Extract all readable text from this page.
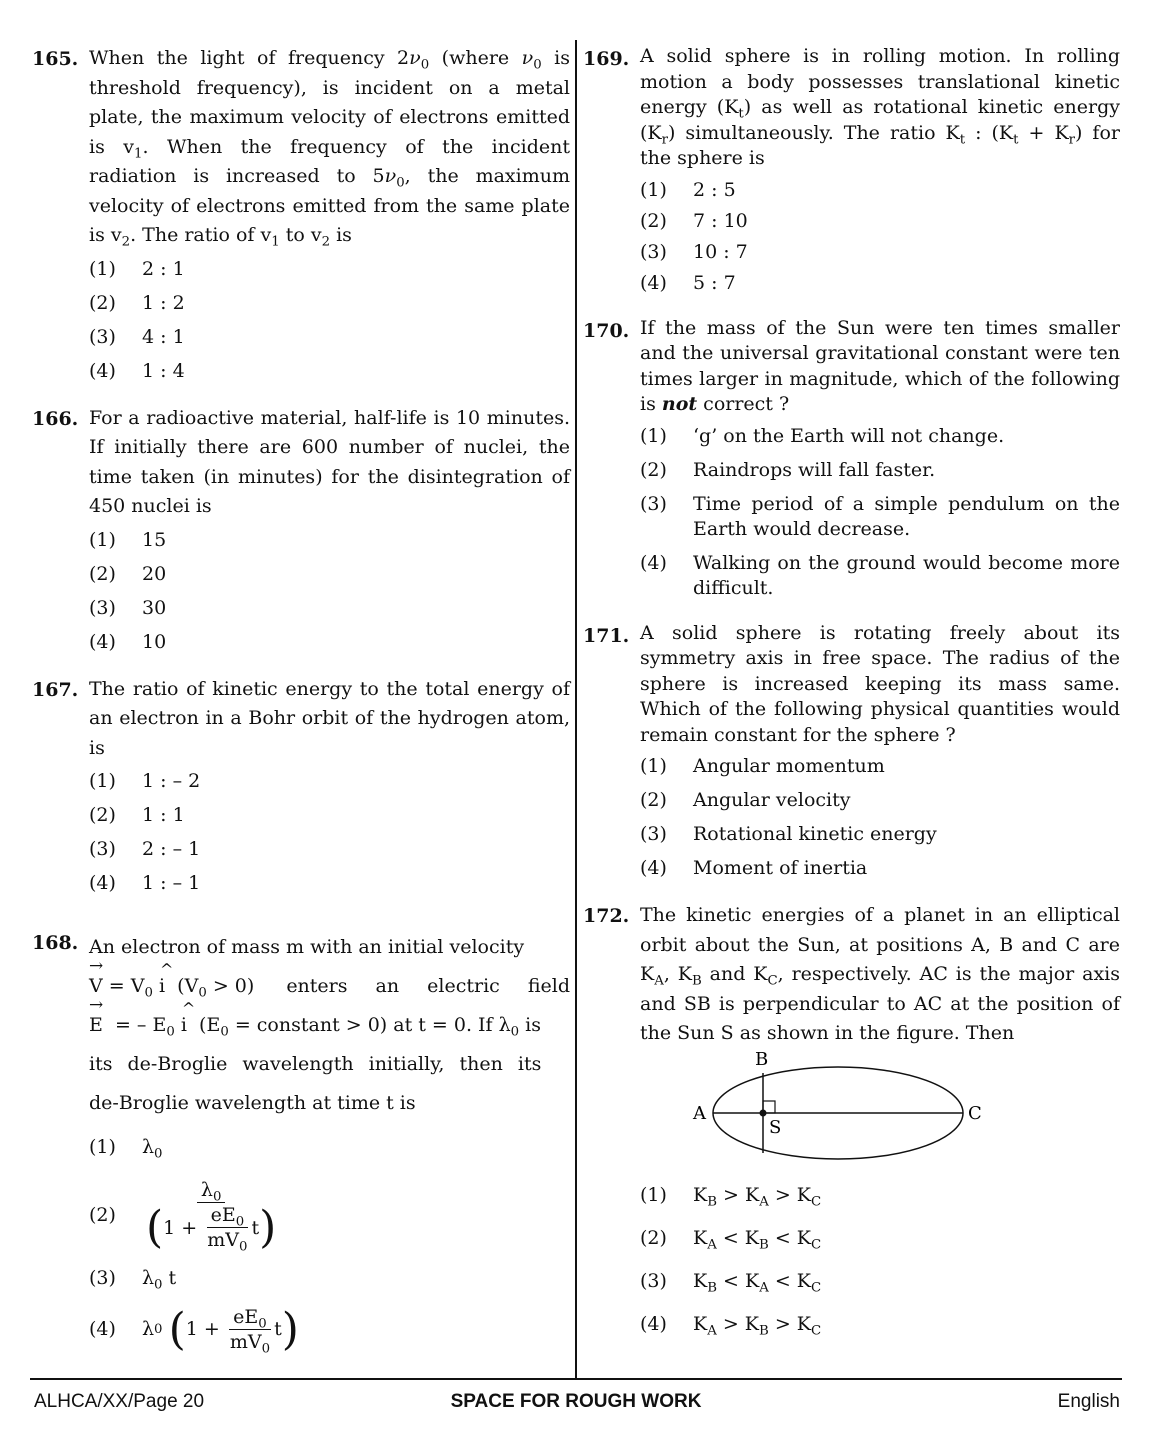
165. When the light of frequency $2\nu_0$ (where $\nu_0$ is threshold frequency), is incident on a metal plate, the maximum velocity of electrons emitted is $v_1$. When the frequency of the incident radiation is increased to $5\nu_0$, the maximum velocity of electrons emitted from the same plate is $v_2$. The ratio of $v_1$ to $v_2$ is
(1)	2 : 1
(2)	1 : 2
(3)	4 : 1
(4)	1 : 4
166. For a radioactive material, half-life is 10 minutes. If initially there are 600 number of nuclei, the time taken (in minutes) for the disintegration of 450 nuclei is
(1)	15
(2)	20
(3)	30
(4)	10
167. The ratio of kinetic energy to the total energy of an electron in a Bohr orbit of the hydrogen atom, is
(1)	1 : – 2
(2)	1 : 1
(3)	2 : – 1
(4)	1 : – 1
168. An electron of mass m with an initial velocity
→ $V = V_0$ ^ i $(V_0 > 0)$ enters an electric field
→ E = – $E_0$ ^ i ($E_0$ = constant > 0) at t = 0. If $\lambda_0$ is
its de-Broglie wavelength initially, then its
de-Broglie wavelength at time t is
(1)	$\lambda_0$
(2)	$\lambda_0$
( 1 +
$\frac{eE_0}{mV_0}$ t )
(3)	$\lambda_0$ t
(4)	λ 0
( 1 +
$\frac{eE_0}{mV_0}$ t )
169. A solid sphere is in rolling motion. In rolling motion a body possesses translational kinetic energy $(K_t)$ as well as rotational kinetic energy $(K_r)$ simultaneously. The ratio $K_t$ : $(K_t + K_r)$ for the sphere is
(1)	2 : 5
(2)	7 : 10
(3)	10 : 7
(4)	5 : 7
170. If the mass of the Sun were ten times smaller and the universal gravitational constant were ten times larger in magnitude, which of the following is not correct ?
(1)	‘g’ on the Earth will not change.
(2)	Raindrops will fall faster.
(3)	Time period of a simple pendulum on the Earth would decrease.
(4)	Walking on the ground would become more difficult.
171. A solid sphere is rotating freely about its symmetry axis in free space. The radius of the sphere is increased keeping its mass same. Which of the following physical quantities would remain constant for the sphere ?
(1)	Angular momentum
(2)	Angular velocity
(3)	Rotational kinetic energy
(4)	Moment of inertia
172. The kinetic energies of a planet in an elliptical orbit about the Sun, at positions A, B and C are $K_A$, $K_B$ and $K_C$, respectively. AC is the major axis and SB is perpendicular to AC at the position of the Sun S as shown in the figure. Then
A
B
C
S
(1)	$K_B > K_A > K_C$
(2)	$K_A < K_B < K_C$
(3)	$K_B < K_A < K_C$
(4)	$K_A > K_B > K_C$
SPACE FOR ROUGH WORK
ALHCA/XX/Page 20	English
